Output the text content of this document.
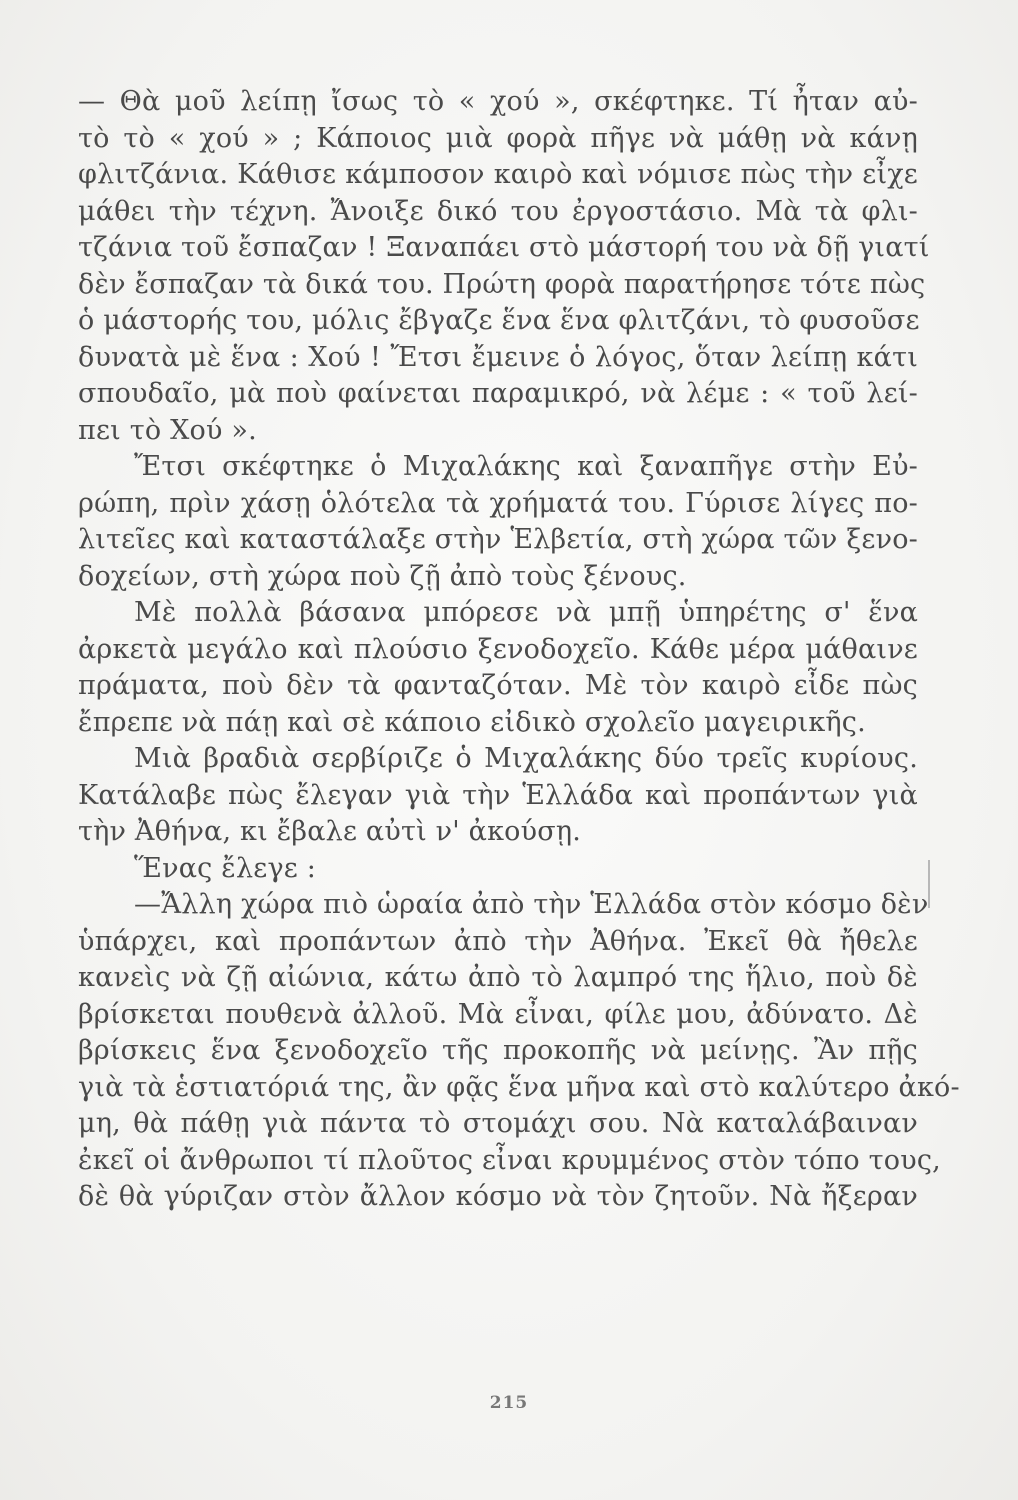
— Θὰ μοῦ λείπῃ ἴσως τὸ « χού », σκέφτηκε. Τί ἦταν αὐ-
τὸ τὸ « χού » ; Κάποιος μιὰ φορὰ πῆγε νὰ μάθῃ νὰ κάνῃ
φλιτζάνια. Κάθισε κάμποσον καιρὸ καὶ νόμισε πὼς τὴν εἶχε
μάθει τὴν τέχνη. Ἄνοιξε δικό του ἐργοστάσιο. Μὰ τὰ φλι-
τζάνια τοῦ ἔσπαζαν ! Ξαναπάει στὸ μάστορή του νὰ δῇ γιατί
δὲν ἔσπαζαν τὰ δικά του. Πρώτη φορὰ παρατήρησε τότε πὼς
ὁ μάστορής του, μόλις ἔβγαζε ἕνα ἕνα φλιτζάνι, τὸ φυσοῦσε
δυνατὰ μὲ ἕνα : Χού ! Ἔτσι ἔμεινε ὁ λόγος, ὅταν λείπῃ κάτι
σπουδαῖο, μὰ ποὺ φαίνεται παραμικρό, νὰ λέμε : « τοῦ λεί-
πει τὸ Χού ».
Ἔτσι σκέφτηκε ὁ Μιχαλάκης καὶ ξαναπῆγε στὴν Εὐ-
ρώπη, πρὶν χάσῃ ὁλότελα τὰ χρήματά του. Γύρισε λίγες πο-
λιτεῖες καὶ καταστάλαξε στὴν Ἑλβετία, στὴ χώρα τῶν ξενο-
δοχείων, στὴ χώρα ποὺ ζῇ ἀπὸ τοὺς ξένους.
Μὲ πολλὰ βάσανα μπόρεσε νὰ μπῇ ὑπηρέτης σ' ἕνα
ἀρκετὰ μεγάλο καὶ πλούσιο ξενοδοχεῖο. Κάθε μέρα μάθαινε
πράματα, ποὺ δὲν τὰ φανταζόταν. Μὲ τὸν καιρὸ εἶδε πὼς
ἔπρεπε νὰ πάῃ καὶ σὲ κάποιο εἰδικὸ σχολεῖο μαγειρικῆς.
Μιὰ βραδιὰ σερβίριζε ὁ Μιχαλάκης δύο τρεῖς κυρίους.
Κατάλαβε πὼς ἔλεγαν γιὰ τὴν Ἑλλάδα καὶ προπάντων γιὰ
τὴν Ἀθήνα, κι ἔβαλε αὐτὶ ν' ἀκούσῃ.
Ἕνας ἔλεγε :
—Ἄλλη χώρα πιὸ ὡραία ἀπὸ τὴν Ἑλλάδα στὸν κόσμο δὲν
ὑπάρχει, καὶ προπάντων ἀπὸ τὴν Ἀθήνα. Ἐκεῖ θὰ ἤθελε
κανεὶς νὰ ζῇ αἰώνια, κάτω ἀπὸ τὸ λαμπρό της ἥλιο, ποὺ δὲ
βρίσκεται πουθενὰ ἀλλοῦ. Μὰ εἶναι, φίλε μου, ἀδύνατο. Δὲ
βρίσκεις ἕνα ξενοδοχεῖο τῆς προκοπῆς νὰ μείνῃς. Ἂν πῇς
γιὰ τὰ ἑστιατόριά της, ἂν φᾷς ἕνα μῆνα καὶ στὸ καλύτερο ἀκό-
μη, θὰ πάθῃ γιὰ πάντα τὸ στομάχι σου. Νὰ καταλάβαιναν
ἐκεῖ οἱ ἄνθρωποι τί πλοῦτος εἶναι κρυμμένος στὸν τόπο τους,
δὲ θὰ γύριζαν στὸν ἄλλον κόσμο νὰ τὸν ζητοῦν. Νὰ ἤξεραν
215
